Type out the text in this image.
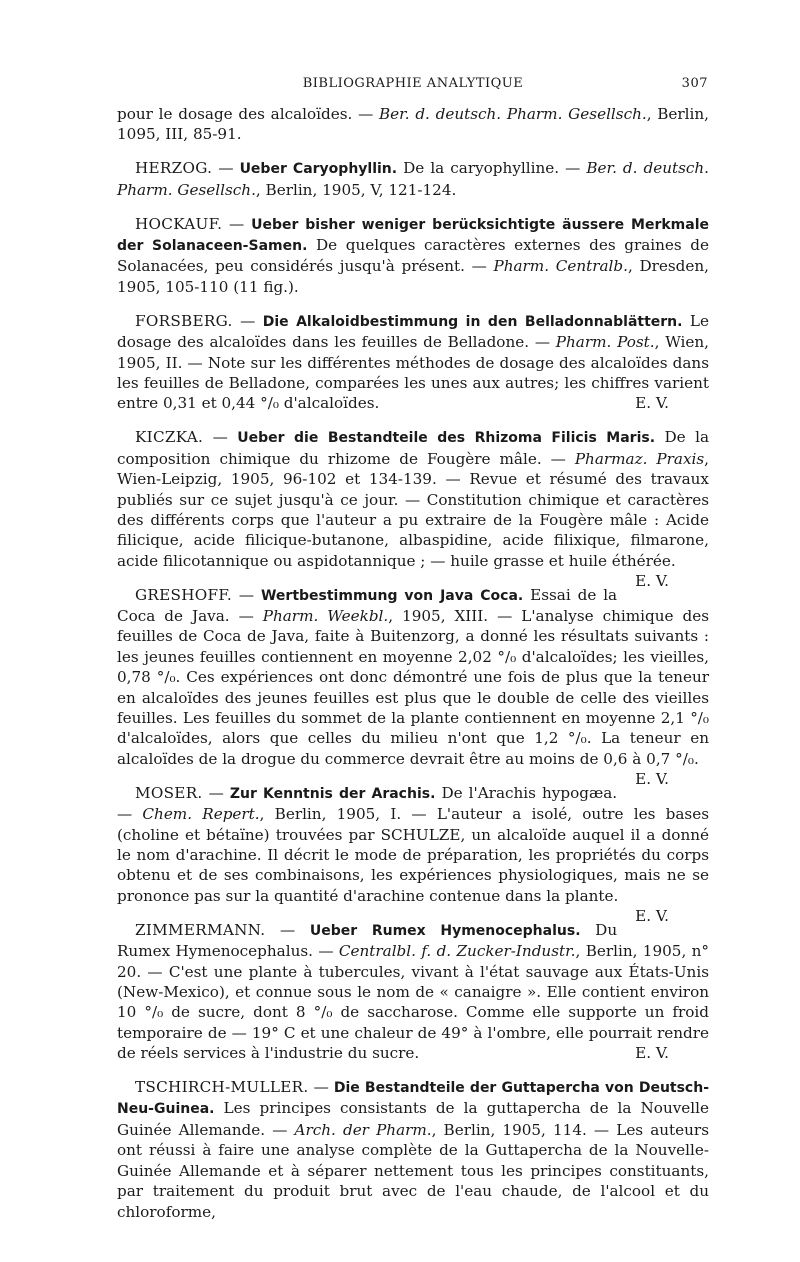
BIBLIOGRAPHIE ANALYTIQUE	307

pour le dosage des alcaloïdes. — Ber. d. deutsch. Pharm. Gesellsch., Berlin, 1095, III, 85-91.

HERZOG. — Ueber Caryophyllin. De la caryophylline. — Ber. d. deutsch. Pharm. Gesellsch., Berlin, 1905, V, 121-124.

HOCKAUF. — Ueber bisher weniger berücksichtigte äussere Merkmale der Solanaceen-Samen. De quelques caractères externes des graines de Solanacées, peu considérés jusqu'à présent. — Pharm. Centralb., Dresden, 1905, 105-110 (11 fig.).

FORSBERG. — Die Alkaloidbestimmung in den Belladonnablättern. Le dosage des alcaloïdes dans les feuilles de Belladone. — Pharm. Post., Wien, 1905, II. — Note sur les différentes méthodes de dosage des alcaloïdes dans les feuilles de Belladone, comparées les unes aux autres; les chiffres varient entre 0,31 et 0,44 °/₀ d'alcaloïdes.	E. V.

KICZKA. — Ueber die Bestandteile des Rhizoma Filicis Maris. De la composition chimique du rhizome de Fougère mâle. — Pharmaz. Praxis, Wien-Leipzig, 1905, 96-102 et 134-139. — Revue et résumé des travaux publiés sur ce sujet jusqu'à ce jour. — Constitution chimique et caractères des différents corps que l'auteur a pu extraire de la Fougère mâle : Acide filicique, acide filicique-butanone, albaspidine, acide filixique, filmarone, acide filicotannique ou aspidotannique ; — huile grasse et huile éthérée.
E. V.

GRESHOFF. — Wertbestimmung von Java Coca. Essai de la Coca de Java. — Pharm. Weekbl., 1905, XIII. — L'analyse chimique des feuilles de Coca de Java, faite à Buitenzorg, a donné les résultats suivants : les jeunes feuilles contiennent en moyenne 2,02 °/₀ d'alcaloïdes; les vieilles, 0,78 °/₀. Ces expériences ont donc démontré une fois de plus que la teneur en alcaloïdes des jeunes feuilles est plus que le double de celle des vieilles feuilles. Les feuilles du sommet de la plante contiennent en moyenne 2,1 °/₀ d'alcaloïdes, alors que celles du milieu n'ont que 1,2 °/₀. La teneur en alcaloïdes de la drogue du commerce devrait être au moins de 0,6 à 0,7 °/₀.
E. V.

MOSER. — Zur Kenntnis der Arachis. De l'Arachis hypogæa. — Chem. Repert., Berlin, 1905, I. — L'auteur a isolé, outre les bases (choline et bétaïne) trouvées par SCHULZE, un alcaloïde auquel il a donné le nom d'arachine. Il décrit le mode de préparation, les propriétés du corps obtenu et de ses combinaisons, les expériences physiologiques, mais ne se prononce pas sur la quantité d'arachine contenue dans la plante.
E. V.

ZIMMERMANN. — Ueber Rumex Hymenocephalus. Du Rumex Hymenocephalus. — Centralbl. f. d. Zucker-Industr., Berlin, 1905, n° 20. — C'est une plante à tubercules, vivant à l'état sauvage aux États-Unis (New-Mexico), et connue sous le nom de « canaigre ». Elle contient environ 10 °/₀ de sucre, dont 8 °/₀ de saccharose. Comme elle supporte un froid temporaire de — 19° C et une chaleur de 49° à l'ombre, elle pourrait rendre de réels services à l'industrie du sucre.	E. V.

TSCHIRCH-MULLER. — Die Bestandteile der Guttapercha von Deutsch-Neu-Guinea. Les principes consistants de la guttapercha de la Nouvelle Guinée Allemande. — Arch. der Pharm., Berlin, 1905, 114. — Les auteurs ont réussi à faire une analyse complète de la Guttapercha de la Nouvelle-Guinée Allemande et à séparer nettement tous les principes constituants, par traitement du produit brut avec de l'eau chaude, de l'alcool et du chloroforme,
